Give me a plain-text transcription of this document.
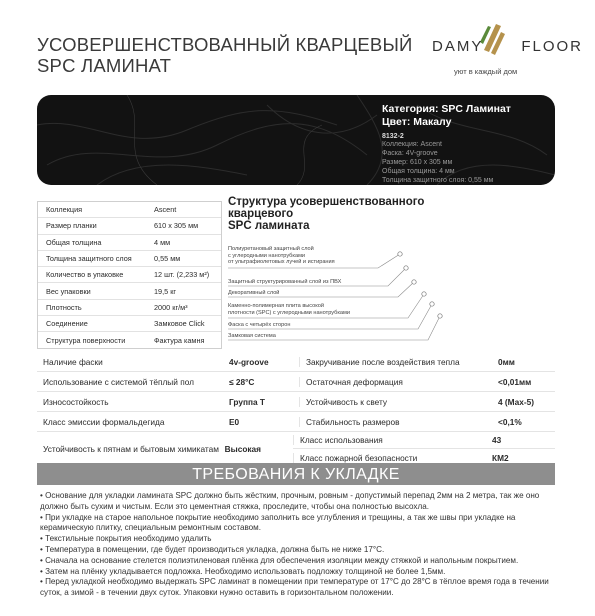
УСОВЕРШЕНСТВОВАННЫЙ КВАРЦЕВЫЙ
SPC ЛАМИНАТ
DAMY	FLOOR
уют в каждый дом
Категория: SPC Ламинат
Цвет: Макалу
8132-2
Коллекция: Ascent
Фаска: 4V-groove
Размер: 610 x 305 мм
Общая толщина: 4 мм
Толщина защитного слоя: 0,55 мм
Коллекция	Ascent
Размер планки	610 x 305 мм
Общая толщина	4 мм
Толщина защитного слоя	0,55 мм
Количество в упаковке	12 шт. (2,233 м²)
Вес упаковки	19,5 кг
Плотность	2000 кг/м³
Соединение	Замковое Click
Структура поверхности	Фактура камня
Структура усовершенствованного
кварцевого
SPC ламината
Полиуретановый защитный слой
с углеродными нанотрубками
от ультрафиолетовых лучей и истирания
Защитный структурированный слой из ПВХ
Декоративный слой
Каменно-полимерная плита высокой
плотности (SPC) с углеродными нанотрубками
Фаска с четырёх сторон
Замковая система
Наличие фаски	4v-groove	Закручивание после воздействия тепла	0мм
Использование с системой тёплый пол	≤ 28°C	Остаточная деформация	<0,01мм
Износостойкость	Группа Т	Устойчивость к свету	4 (Max-5)
Класс эмиссии формальдегида	E0	Стабильность размеров	<0,1%
Устойчивость к пятнам и бытовым химикатам Высокая
Класс использования	43
Класс пожарной безопасности	КМ2
ТРЕБОВАНИЯ К УКЛАДКЕ

• Основание для укладки ламината SPC должно быть жёстким, прочным, ровным - допустимый перепад 2мм на 2 метра, так же оно должно быть сухим и чистым. Если это цементная стяжка, проследите, чтобы она полностью высохла.

• При укладке на старое напольное покрытие необходимо заполнить все углубления и трещины, а так же швы при укладке на керамическую плитку, специальным ремонтным составом.

• Текстильные покрытия необходимо удалить

• Температура в помещении, где будет производиться укладка, должна быть не ниже 17°С.

• Сначала на основание стелется полиэтиленовая плёнка для обеспечения изоляции между стяжкой и напольным покрытием.

• Затем на плёнку укладывается подложка. Необходимо использовать подложку толщиной не более 1,5мм.

• Перед укладкой необходимо выдержать SPC ламинат в помещении при температуре от 17°С до 28°С в тёплое время года в течении суток, а зимой - в течении двух суток. Упаковки нужно оставить в горизонтальном положении.
